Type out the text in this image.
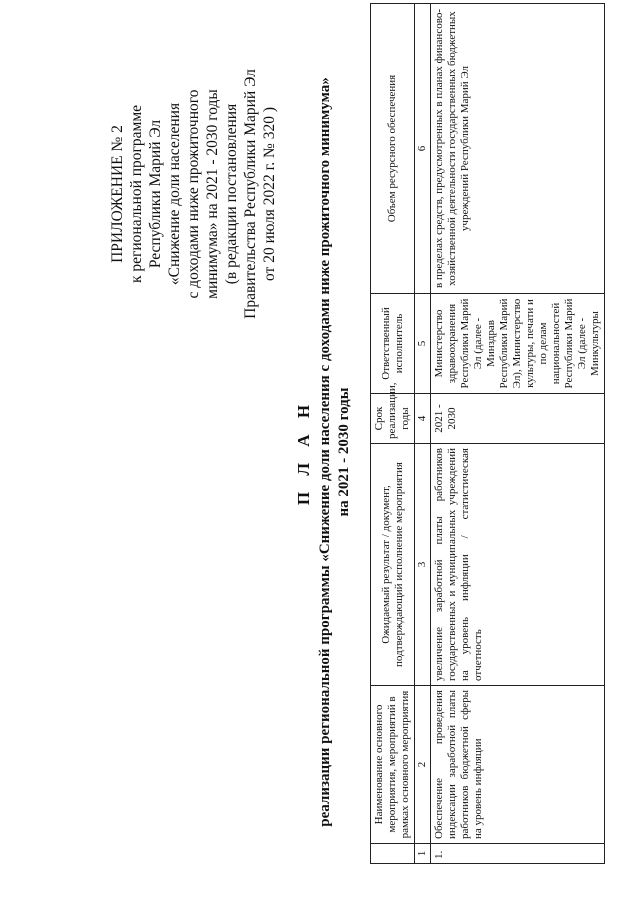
ПРИЛОЖЕНИЕ № 2 к региональной программе Республики Марий Эл «Снижение доли населения с доходами ниже прожиточного минимума» на 2021 - 2030 годы (в редакции постановления Правительства Республики Марий Эл от 20 июля 2022 г. № 320 )
П Л А Н реализации региональной программы «Снижение доли населения с доходами ниже прожиточного минимума» на 2021 - 2030 годы
	Наименование основного мероприятия, мероприятий в рамках основного мероприятия	Ожидаемый результат / документ, подтверждающий исполнение мероприятия	Срок реализации, годы	Ответственный исполнитель	Объем ресурсного обеспечения
1	2	3	4	5	6
1.	Обеспечение проведения индексации заработной платы работников бюджетной сферы на уровень инфляции	увеличение заработной платы работников государственных и муниципальных учреждений на уровень инфляции / статистическая отчетность	2021 - 2030	Министерство здравоохранения Республики Марий Эл (далее - Минздрав Республики Марий Эл), Министерство культуры, печати и по делам национальностей Республики Марий Эл (далее - Минкультуры	в пределах средств, предусмотренных в планах финансово-хозяйственной деятельности государственных бюджетных учреждений Республики Марий Эл
